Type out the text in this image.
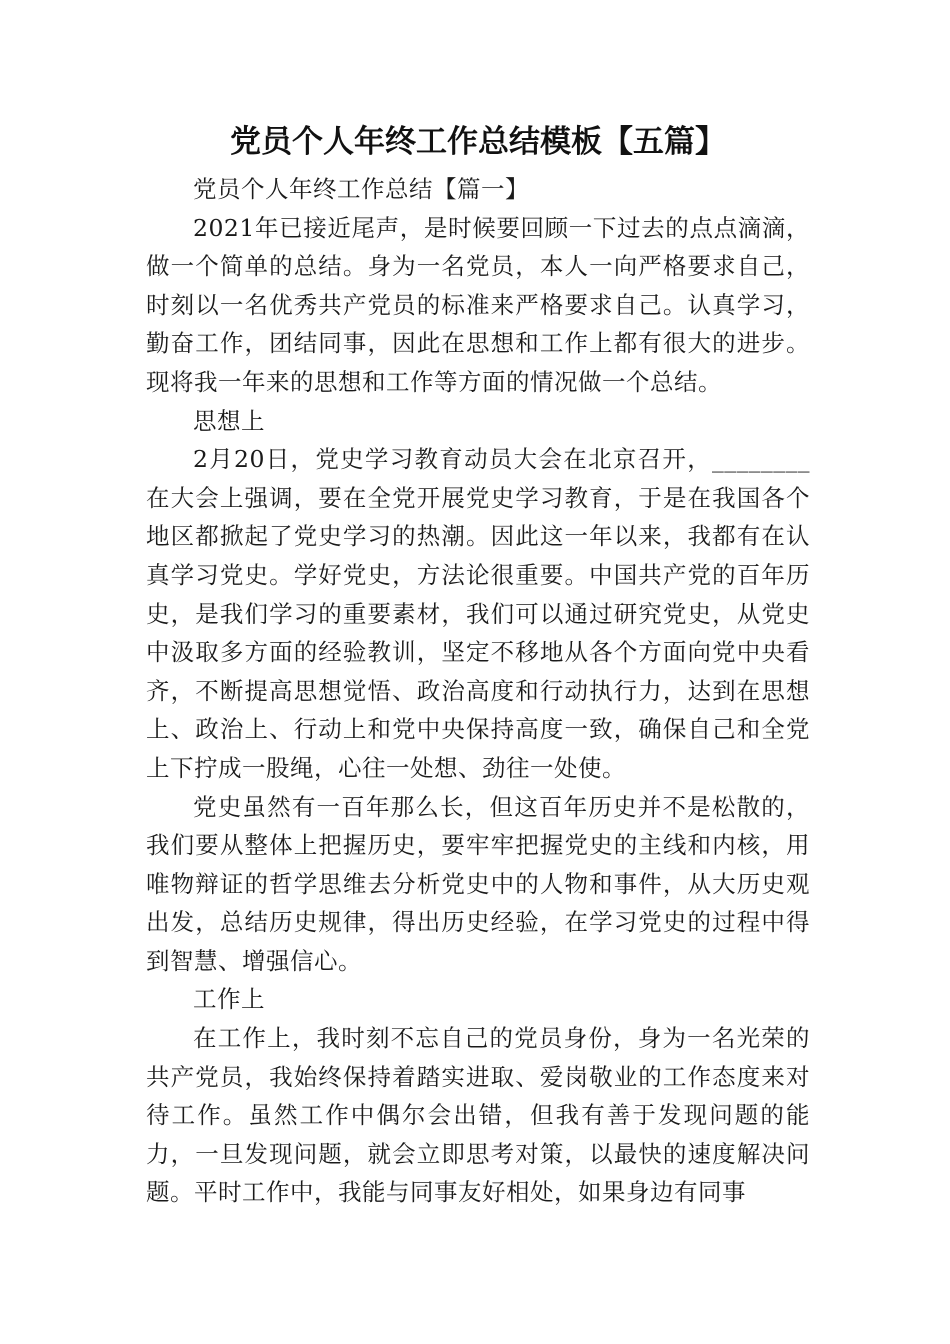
党员个人年终工作总结模板【五篇】

党员个人年终工作总结【篇一】

2021年已接近尾声，是时候要回顾一下过去的点点滴滴，做一个简单的总结。身为一名党员，本人一向严格要求自己，时刻以一名优秀共产党员的标准来严格要求自己。认真学习，勤奋工作，团结同事，因此在思想和工作上都有很大的进步。现将我一年来的思想和工作等方面的情况做一个总结。

思想上

2月20日，党史学习教育动员大会在北京召开，________在大会上强调，要在全党开展党史学习教育，于是在我国各个地区都掀起了党史学习的热潮。因此这一年以来，我都有在认真学习党史。学好党史，方法论很重要。中国共产党的百年历史，是我们学习的重要素材，我们可以通过研究党史，从党史中汲取多方面的经验教训，坚定不移地从各个方面向党中央看齐，不断提高思想觉悟、政治高度和行动执行力，达到在思想上、政治上、行动上和党中央保持高度一致，确保自己和全党上下拧成一股绳，心往一处想、劲往一处使。

党史虽然有一百年那么长，但这百年历史并不是松散的，我们要从整体上把握历史，要牢牢把握党史的主线和内核，用唯物辩证的哲学思维去分析党史中的人物和事件，从大历史观出发，总结历史规律，得出历史经验，在学习党史的过程中得到智慧、增强信心。

工作上

在工作上，我时刻不忘自己的党员身份，身为一名光荣的共产党员，我始终保持着踏实进取、爱岗敬业的工作态度来对待工作。虽然工作中偶尔会出错，但我有善于发现问题的能力，一旦发现问题，就会立即思考对策，以最快的速度解决问题。平时工作中，我能与同事友好相处，如果身边有同事
